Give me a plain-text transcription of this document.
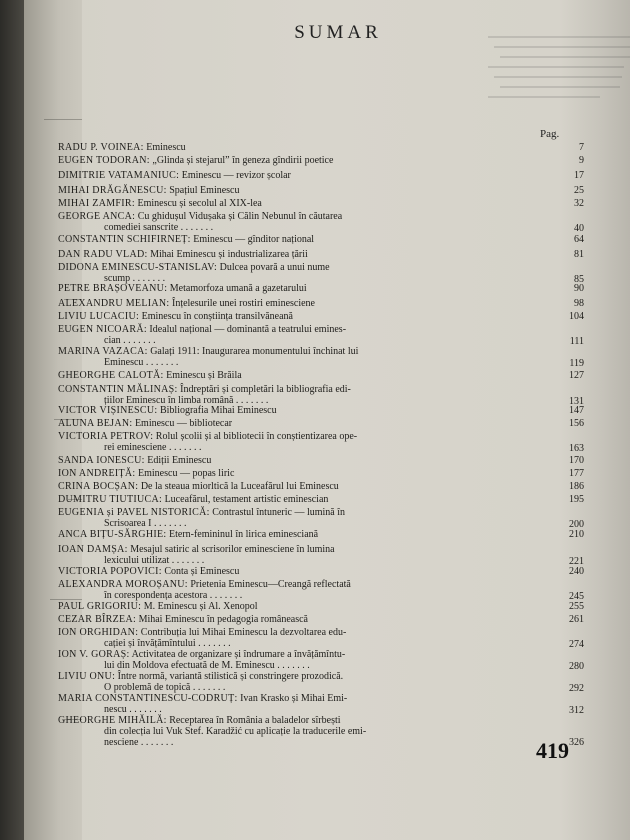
SUMAR
Pag.
RADU P. VOINEA: Eminescu	7
EUGEN TODORAN: „Glinda și stejarul” în geneza gîndirii poetice	9
DIMITRIE VATAMANIUC: Eminescu — revizor școlar	17
MIHAI DRĂGĂNESCU: Spațiul Eminescu	25
MIHAI ZAMFIR: Eminescu și secolul al XIX-lea	32
GEORGE ANCA: Cu ghidușul Vidușaka și Călin Nebunul în căutarea
comediei sanscrite . . . . . . .	40
CONSTANTIN SCHIFIRNEȚ: Eminescu — gînditor național	64
DAN RADU VLAD: Mihai Eminescu și industrializarea țării	81
DIDONA EMINESCU-STANISLAV: Dulcea povară a unui nume
scump . . . . . . .	85
PETRE BRAȘOVEANU: Metamorfoza umană a gazetarului	90
ALEXANDRU MELIAN: Înțelesurile unei rostiri eminesciene	98
LIVIU LUCACIU: Eminescu în conștiința transilvăneană	104
EUGEN NICOARĂ: Idealul național — dominantă a teatrului emines-
cian . . . . . . .	111
MARINA VAZACA: Galați 1911: Inaugurarea monumentului închinat lui
Eminescu . . . . . . .	119
GHEORGHE CALOTĂ: Eminescu și Brăila	127
CONSTANTIN MĂLINAȘ: Îndreptări și completări la bibliografia edi-
țiilor Eminescu în limba română . . . . . . .	131
VICTOR VIȘINESCU: Bibliografia Mihai Eminescu	147
ALUNA BEJAN: Eminescu — bibliotecar	156
VICTORIA PETROV: Rolul școlii și al bibliotecii în conștientizarea ope-
rei eminesciene . . . . . . .	163
SANDA IONESCU: Ediții Eminescu	170
ION ANDREIȚĂ: Eminescu — popas liric	177
CRINA BOCȘAN: De la steaua miorltică la Luceafărul lui Eminescu	186
DUMITRU TIUTIUCA: Luceafărul, testament artistic eminescian	195
EUGENIA și PAVEL NISTORICĂ: Contrastul întuneric — lumină în
Scrisoarea I . . . . . . .	200
ANCA BIȚU-SĂRGHIE: Etern-femininul în lirica eminesciană	210
IOAN DAMȘA: Mesajul satiric al scrisorilor eminesciene în lumina
lexicului utilizat . . . . . . .	221
VICTORIA POPOVICI: Conta și Eminescu	240
ALEXANDRA MOROȘANU: Prietenia Eminescu—Creangă reflectată
în corespondența acestora . . . . . . .	245
PAUL GRIGORIU: M. Eminescu și Al. Xenopol	255
CEZAR BÎRZEA: Mihai Eminescu în pedagogia românească	261
ION ORGHIDAN: Contribuția lui Mihai Eminescu la dezvoltarea edu-
cației și învățămîntului . . . . . . .	274
ION V. GORAȘ: Activitatea de organizare și îndrumare a învățămîntu-
lui din Moldova efectuată de M. Eminescu . . . . . . .	280
LIVIU ONU: Între normă, variantă stilistică și constringere prozodică.
O problemă de topică . . . . . . .	292
MARIA CONSTANTINESCU-CODRUȚ: Ivan Krasko și Mihai Emi-
nescu . . . . . . .	312
GHEORGHE MIHĂILĂ: Receptarea în România a baladelor sîrbești
din colecția lui Vuk Stef. Karadžić cu aplicație la traducerile emi-
nesciene . . . . . . .	326
419
